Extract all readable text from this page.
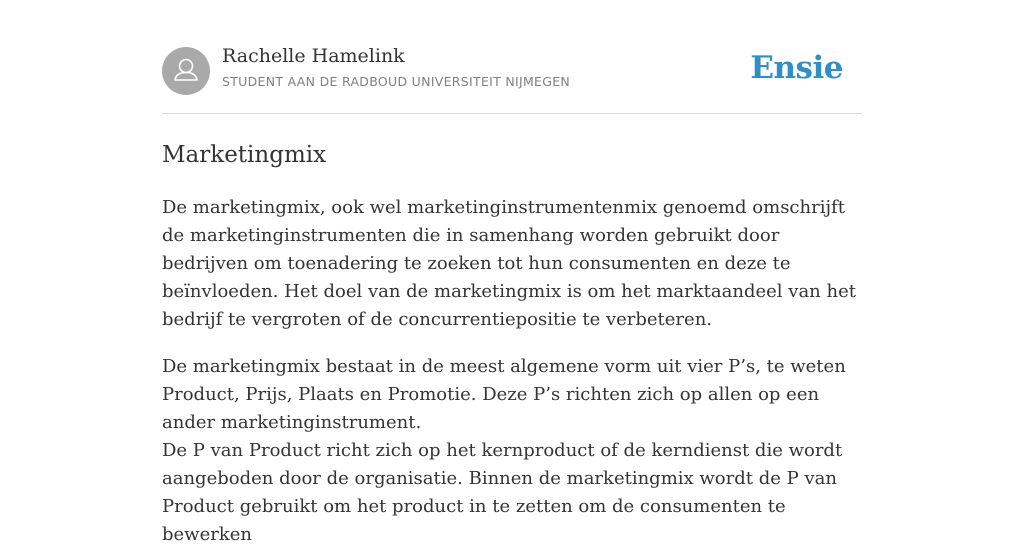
Rachelle Hamelink
STUDENT AAN DE RADBOUD UNIVERSITEIT NIJMEGEN	Ensie
Marketingmix

De marketingmix, ook wel marketinginstrumentenmix genoemd omschrijft de marketinginstrumenten die in samenhang worden gebruikt door bedrijven om toenadering te zoeken tot hun consumenten en deze te beïnvloeden. Het doel van de marketingmix is om het marktaandeel van het bedrijf te vergroten of de concurrentiepositie te verbeteren.

De marketingmix bestaat in de meest algemene vorm uit vier P’s, te weten Product, Prijs, Plaats en Promotie. Deze P’s richten zich op allen op een ander marketinginstrument.
De P van Product richt zich op het kernproduct of de kerndienst die wordt aangeboden door de organisatie. Binnen de marketingmix wordt de P van Product gebruikt om het product in te zetten om de consumenten te bewerken
